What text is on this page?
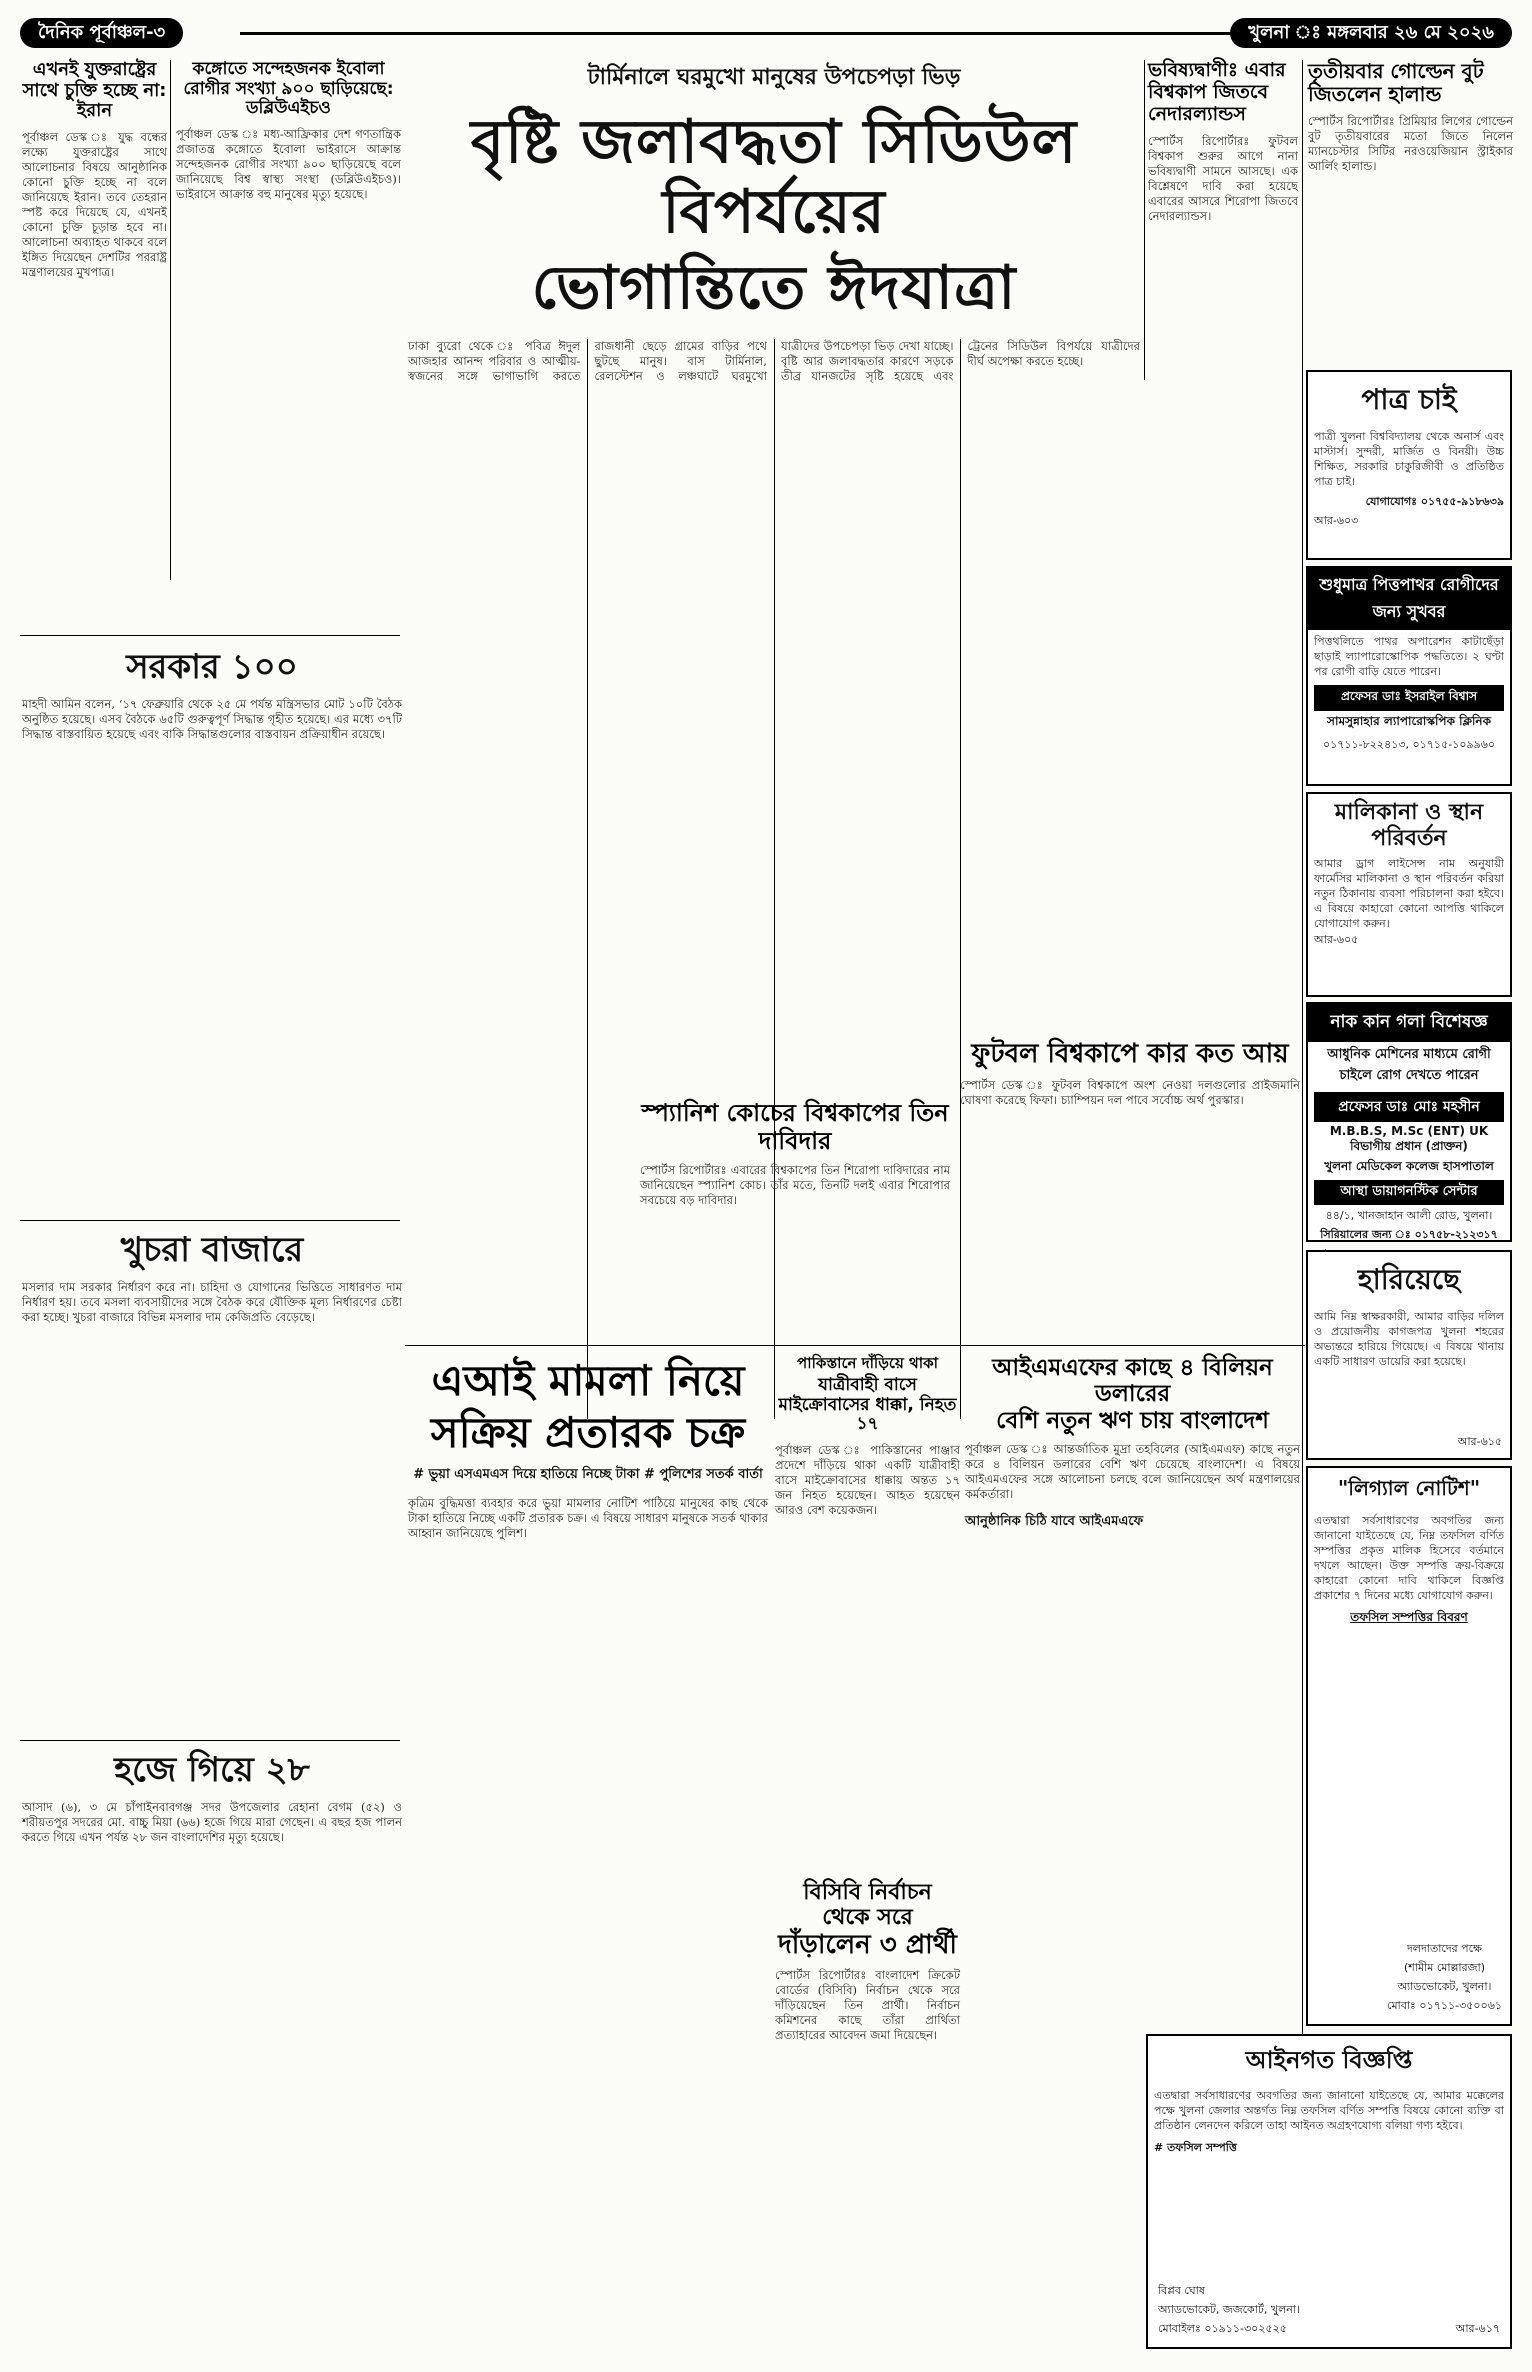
দৈনিক পূর্বাঞ্চল-৩	খুলনা ঃ মঙ্গলবার ২৬ মে ২০২৬
এখনই যুক্তরাষ্ট্রের সাথে চুক্তি হচ্ছে না: ইরান
পূর্বাঞ্চল ডেস্ক ঃ যুদ্ধ বন্ধের লক্ষ্যে যুক্তরাষ্ট্রের সাথে আলোচনার বিষয়ে আনুষ্ঠানিক কোনো চুক্তি হচ্ছে না বলে জানিয়েছে ইরান। তবে তেহরান স্পষ্ট করে দিয়েছে যে, এখনই কোনো চুক্তি চূড়ান্ত হবে না। আলোচনা অব্যাহত থাকবে বলে ইঙ্গিত দিয়েছেন দেশটির পররাষ্ট্র মন্ত্রণালয়ের মুখপাত্র।
কঙ্গোতে সন্দেহজনক ইবোলা রোগীর সংখ্যা ৯০০ ছাড়িয়েছে: ডব্লিউএইচও
পূর্বাঞ্চল ডেস্ক ঃ মধ্য-আফ্রিকার দেশ গণতান্ত্রিক প্রজাতন্ত্র কঙ্গোতে ইবোলা ভাইরাসে আক্রান্ত সন্দেহজনক রোগীর সংখ্যা ৯০০ ছাড়িয়েছে বলে জানিয়েছে বিশ্ব স্বাস্থ্য সংস্থা (ডব্লিউএইচও)। ভাইরাসে আক্রান্ত বহু মানুষের মৃত্যু হয়েছে।
টার্মিনালে ঘরমুখো মানুষের উপচেপড়া ভিড়
বৃষ্টি জলাবদ্ধতা সিডিউল বিপর্যয়ের
ভোগান্তিতে ঈদযাত্রা
ঢাকা ব্যুরো থেকে ঃ পবিত্র ঈদুল আজহার আনন্দ পরিবার ও আত্মীয়-স্বজনের সঙ্গে ভাগাভাগি করতে রাজধানী ছেড়ে গ্রামের বাড়ির পথে ছুটছে মানুষ। বাস টার্মিনাল, রেলস্টেশন ও লঞ্চঘাটে ঘরমুখো যাত্রীদের উপচেপড়া ভিড় দেখা যাচ্ছে। বৃষ্টি আর জলাবদ্ধতার কারণে সড়কে তীব্র যানজটের সৃষ্টি হয়েছে এবং ট্রেনের সিডিউল বিপর্যয়ে যাত্রীদের দীর্ঘ অপেক্ষা করতে হচ্ছে।
ভবিষ্যদ্বাণীঃ এবার বিশ্বকাপ জিতবে নেদারল্যান্ডস
স্পোর্টস রিপোর্টারঃ ফুটবল বিশ্বকাপ শুরুর আগে নানা ভবিষ্যদ্বাণী সামনে আসছে। এক বিশ্লেষণে দাবি করা হয়েছে এবারের আসরে শিরোপা জিতবে নেদারল্যান্ডস।
তৃতীয়বার গোল্ডেন বুট জিতলেন হালান্ড
স্পোর্টস রিপোর্টারঃ প্রিমিয়ার লিগের গোল্ডেন বুট তৃতীয়বারের মতো জিতে নিলেন ম্যানচেস্টার সিটির নরওয়েজিয়ান স্ট্রাইকার আর্লিং হালান্ড।
সরকার ১০০
মাহদী আমিন বলেন, ‘১৭ ফেব্রুয়ারি থেকে ২৫ মে পর্যন্ত মন্ত্রিসভার মোট ১০টি বৈঠক অনুষ্ঠিত হয়েছে। এসব বৈঠকে ৬৫টি গুরুত্বপূর্ণ সিদ্ধান্ত গৃহীত হয়েছে। এর মধ্যে ৩৭টি সিদ্ধান্ত বাস্তবায়িত হয়েছে এবং বাকি সিদ্ধান্তগুলোর বাস্তবায়ন প্রক্রিয়াধীন রয়েছে।
খুচরা বাজারে
মসলার দাম সরকার নির্ধারণ করে না। চাহিদা ও যোগানের ভিত্তিতে সাধারণত দাম নির্ধারণ হয়। তবে মসলা ব্যবসায়ীদের সঙ্গে বৈঠক করে যৌক্তিক মূল্য নির্ধারণের চেষ্টা করা হচ্ছে। খুচরা বাজারে বিভিন্ন মসলার দাম কেজিপ্রতি বেড়েছে।
হজে গিয়ে ২৮
আসাদ (৬), ৩ মে চাঁপাইনবাবগঞ্জ সদর উপজেলার রেহানা বেগম (৫২) ও শরীয়তপুর সদরের মো. বাচ্চু মিয়া (৬৬) হজে গিয়ে মারা গেছেন। এ বছর হজ পালন করতে গিয়ে এখন পর্যন্ত ২৮ জন বাংলাদেশির মৃত্যু হয়েছে।
ফুটবল বিশ্বকাপে কার কত আয়
স্পোর্টস ডেস্ক ঃ ফুটবল বিশ্বকাপে অংশ নেওয়া দলগুলোর প্রাইজমানি ঘোষণা করেছে ফিফা। চ্যাম্পিয়ন দল পাবে সর্বোচ্চ অর্থ পুরস্কার।
স্প্যানিশ কোচের বিশ্বকাপের তিন দাবিদার
স্পোর্টস রিপোর্টারঃ এবারের বিশ্বকাপের তিন শিরোপা দাবিদারের নাম জানিয়েছেন স্প্যানিশ কোচ। তাঁর মতে, তিনটি দলই এবার শিরোপার সবচেয়ে বড় দাবিদার।
এআই মামলা নিয়ে
সক্রিয় প্রতারক চক্র
# ভুয়া এসএমএস দিয়ে হাতিয়ে নিচ্ছে টাকা # পুলিশের সতর্ক বার্তা
কৃত্রিম বুদ্ধিমত্তা ব্যবহার করে ভুয়া মামলার নোটিশ পাঠিয়ে মানুষের কাছ থেকে টাকা হাতিয়ে নিচ্ছে একটি প্রতারক চক্র। এ বিষয়ে সাধারণ মানুষকে সতর্ক থাকার আহ্বান জানিয়েছে পুলিশ।
পাকিস্তানে দাঁড়িয়ে থাকা
যাত্রীবাহী বাসে মাইক্রোবাসের ধাক্কা, নিহত ১৭
পূর্বাঞ্চল ডেস্ক ঃ পাকিস্তানের পাঞ্জাব প্রদেশে দাঁড়িয়ে থাকা একটি যাত্রীবাহী বাসে মাইক্রোবাসের ধাক্কায় অন্তত ১৭ জন নিহত হয়েছেন। আহত হয়েছেন আরও বেশ কয়েকজন।
বিসিবি নির্বাচন
থেকে সরে
দাঁড়ালেন ৩ প্রার্থী
স্পোর্টস রিপোর্টারঃ বাংলাদেশ ক্রিকেট বোর্ডের (বিসিবি) নির্বাচন থেকে সরে দাঁড়িয়েছেন তিন প্রার্থী। নির্বাচন কমিশনের কাছে তাঁরা প্রার্থিতা প্রত্যাহারের আবেদন জমা দিয়েছেন।
আইএমএফের কাছে ৪ বিলিয়ন ডলারের
বেশি নতুন ঋণ চায় বাংলাদেশ
পূর্বাঞ্চল ডেস্ক ঃ আন্তর্জাতিক মুদ্রা তহবিলের (আইএমএফ) কাছে নতুন করে ৪ বিলিয়ন ডলারের বেশি ঋণ চেয়েছে বাংলাদেশ। এ বিষয়ে আইএমএফের সঙ্গে আলোচনা চলছে বলে জানিয়েছেন অর্থ মন্ত্রণালয়ের কর্মকর্তারা।
আনুষ্ঠানিক চিঠি যাবে আইএমএফে
পাত্র চাই
পাত্রী খুলনা বিশ্ববিদ্যালয় থেকে অনার্স এবং মাস্টার্স। সুন্দরী, মার্জিত ও বিনয়ী। উচ্চ শিক্ষিত, সরকারি চাকুরিজীবী ও প্রতিষ্ঠিত পাত্র চাই।
যোগাযোগঃ ০১৭৫৫-৯১৮৬৩৯
আর-৬০৩
শুধুমাত্র পিত্তপাথর রোগীদের জন্য সুখবর
পিত্তথলিতে পাথর অপারেশন কাটাছেঁড়া ছাড়াই ল্যাপারোস্কোপিক পদ্ধতিতে। ২ ঘণ্টা পর রোগী বাড়ি যেতে পারেন।
প্রফেসর ডাঃ ইসরাইল বিশ্বাস
সামসুন্নাহার ল্যাপারোস্কপিক ক্লিনিক
০১৭১১-৮২২৪১৩, ০১৭১৫-১০৯৯৬০
মালিকানা ও স্থান পরিবর্তন
আমার ড্রাগ লাইসেন্স নাম অনুযায়ী ফার্মেসির মালিকানা ও স্থান পরিবর্তন করিয়া নতুন ঠিকানায় ব্যবসা পরিচালনা করা হইবে। এ বিষয়ে কাহারো কোনো আপত্তি থাকিলে যোগাযোগ করুন।
আর-৬০৫
নাক কান গলা বিশেষজ্ঞ
আধুনিক মেশিনের মাধ্যমে রোগী চাইলে রোগ দেখতে পারেন
প্রফেসর ডাঃ মোঃ মহসীন
M.B.B.S, M.Sc (ENT) UK
বিভাগীয় প্রধান (প্রাক্তন)
খুলনা মেডিকেল কলেজ হাসপাতাল
আস্থা ডায়াগনস্টিক সেন্টার
৪৪/১, খানজাহান আলী রোড, খুলনা।
সিরিয়ালের জন্য ঃ ০১৭৫৮-২১২৩১৭
হারিয়েছে
আমি নিম্ন স্বাক্ষরকারী, আমার বাড়ির দলিল ও প্রয়োজনীয় কাগজপত্র খুলনা শহরের অভ্যন্তরে হারিয়ে গিয়েছে। এ বিষয়ে থানায় একটি সাধারণ ডায়েরি করা হয়েছে।
আর-৬১৫
"লিগ্যাল নোটিশ"
এতদ্বারা সর্বসাধারণের অবগতির জন্য জানানো যাইতেছে যে, নিম্ন তফসিল বর্ণিত সম্পত্তির প্রকৃত মালিক হিসেবে বর্তমানে দখলে আছেন। উক্ত সম্পত্তি ক্রয়-বিক্রয়ে কাহারো কোনো দাবি থাকিলে বিজ্ঞপ্তি প্রকাশের ৭ দিনের মধ্যে যোগাযোগ করুন।
তফসিল সম্পত্তির বিবরণ
দলদাতাদের পক্ষে
(শামীম মোল্লারজা)
অ্যাডভোকেট, খুলনা।
মোবাঃ ০১৭১১-৩৫০০৬১
আইনগত বিজ্ঞপ্তি
এতদ্বারা সর্বসাধারণের অবগতির জন্য জানানো যাইতেছে যে, আমার মক্কেলের পক্ষে খুলনা জেলার অন্তর্গত নিম্ন তফসিল বর্ণিত সম্পত্তি বিষয়ে কোনো ব্যক্তি বা প্রতিষ্ঠান লেনদেন করিলে তাহা আইনত অগ্রহণযোগ্য বলিয়া গণ্য হইবে।
# তফসিল সম্পত্তি
বিপ্লব ঘোষ
অ্যাডভোকেট, জজকোর্ট, খুলনা।
মোবাইলঃ ০১৯১১-৩০২৫২৫	আর-৬১৭
